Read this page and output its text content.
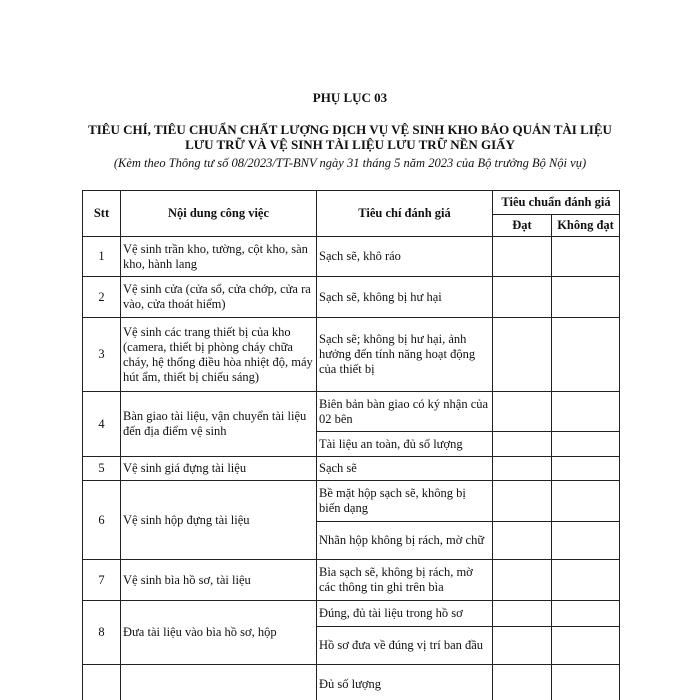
PHỤ LỤC 03
TIÊU CHÍ, TIÊU CHUẨN CHẤT LƯỢNG DỊCH VỤ VỆ SINH KHO BẢO QUẢN TÀI LIỆU
LƯU TRỮ VÀ VỆ SINH TÀI LIỆU LƯU TRỮ NỀN GIẤY
(Kèm theo Thông tư số 08/2023/TT-BNV ngày 31 tháng 5 năm 2023 của Bộ trưởng Bộ Nội vụ)
Stt	Nội dung công việc	Tiêu chí đánh giá	Tiêu chuẩn đánh giá	
			Đạt	Không đạt
1	Vệ sinh trần kho, tường, cột kho, sàn kho, hành lang	Sạch sẽ, khô ráo		
2	Vệ sinh cửa (cửa sổ, cửa chớp, cửa ra vào, cửa thoát hiểm)	Sạch sẽ, không bị hư hại		
3	Vệ sinh các trang thiết bị của kho (camera, thiết bị phòng cháy chữa cháy, hệ thống điều hòa nhiệt độ, máy hút ẩm, thiết bị chiếu sáng)	Sạch sẽ; không bị hư hại, ảnh hưởng đến tính năng hoạt động của thiết bị		
4	Bàn giao tài liệu, vận chuyển tài liệu đến địa điểm vệ sinh	Biên bản bàn giao có ký nhận của 02 bên		
		Tài liệu an toàn, đủ số lượng		
5	Vệ sinh giá đựng tài liệu	Sạch sẽ		
6	Vệ sinh hộp đựng tài liệu	Bề mặt hộp sạch sẽ, không bị biến dạng		
		Nhãn hộp không bị rách, mờ chữ		
7	Vệ sinh bìa hồ sơ, tài liệu	Bìa sạch sẽ, không bị rách, mờ các thông tin ghi trên bìa		
8	Đưa tài liệu vào bìa hồ sơ, hộp	Đúng, đủ tài liệu trong hồ sơ		
		Hồ sơ đưa về đúng vị trí ban đầu		
		Đủ số lượng		
